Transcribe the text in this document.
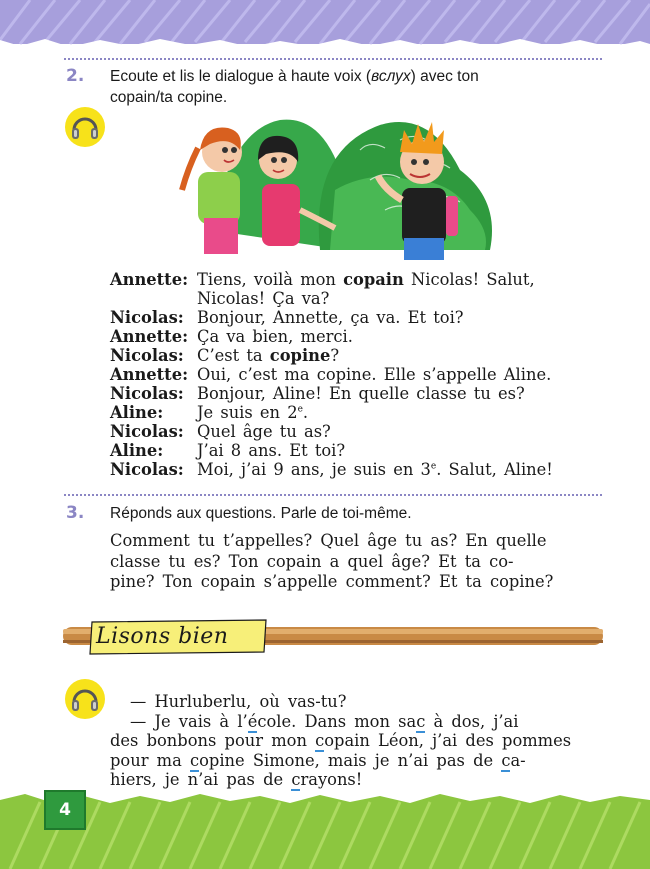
2. Ecoute et lis le dialogue à haute voix (вслух) avec ton
copain/ta copine.
Annette: Tiens, voilà mon copain Nicolas! Salut,
Nicolas! Ça va?
Nicolas: Bonjour, Annette, ça va. Et toi?
Annette: Ça va bien, merci.
Nicolas: C’est ta copine?
Annette: Oui, c’est ma copine. Elle s’appelle Aline.
Nicolas: Bonjour, Aline! En quelle classe tu es?
Aline:	Je suis en 2e.
Nicolas: Quel âge tu as?
Aline:	J’ai 8 ans. Et toi?
Nicolas: Moi, j’ai 9 ans, je suis en 3e. Salut, Aline!
3. Réponds aux questions. Parle de toi-même.
Comment tu t’appelles? Quel âge tu as? En quelle
classe tu es? Ton copain a quel âge? Et ta co-
pine? Ton copain s’appelle comment? Et ta copine?
Lisons bien
— Hurluberlu, où vas-tu?
— Je vais à l’école. Dans mon sac à dos, j’ai
des bonbons pour mon copain Léon, j’ai des pommes
pour ma copine Simone, mais je n’ai pas de ca-
hiers, je n’ai pas de crayons!
4
